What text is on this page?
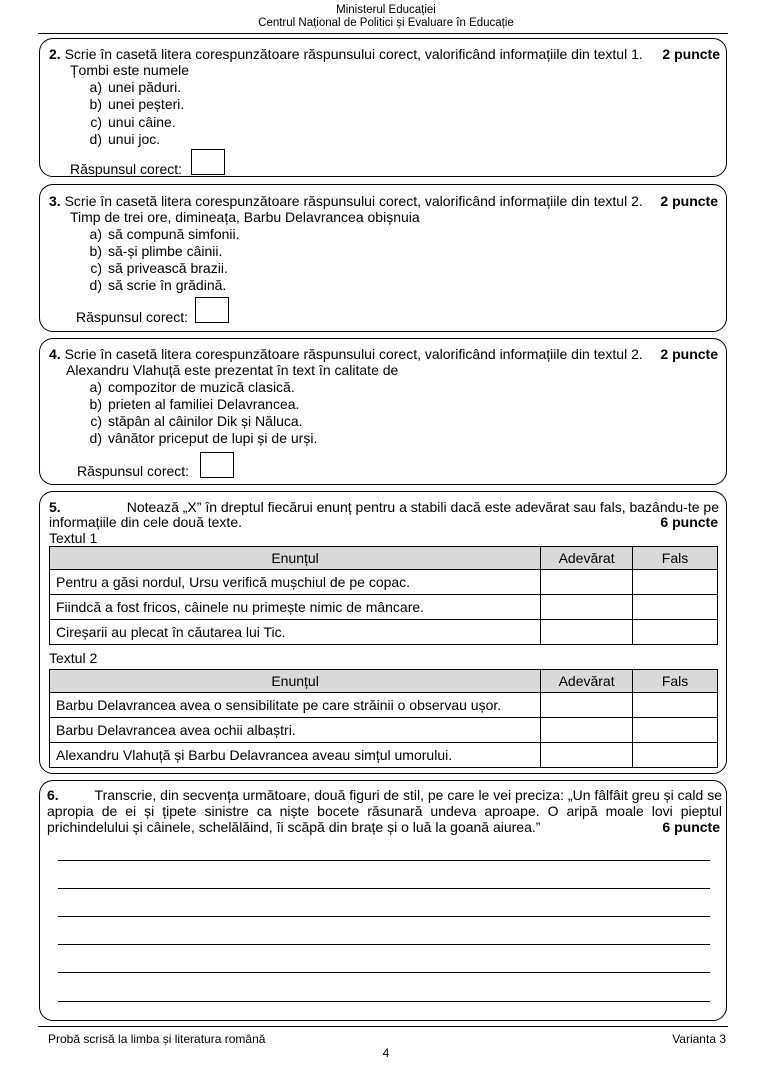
Ministerul Educației
Centrul Național de Politici și Evaluare în Educație
2. Scrie în casetă litera corespunzătoare răspunsului corect, valorificând informațiile din textul 1. 2 puncte
Țombi este numele
a) unei păduri.
b) unei peșteri.
c) unui câine.
d) unui joc.
Răspunsul corect:
3. Scrie în casetă litera corespunzătoare răspunsului corect, valorificând informațiile din textul 2. 2 puncte
Timp de trei ore, dimineața, Barbu Delavrancea obișnuia
a) să compună simfonii.
b) să-și plimbe câinii.
c) să privească brazii.
d) să scrie în grădină.
Răspunsul corect:
4. Scrie în casetă litera corespunzătoare răspunsului corect, valorificând informațiile din textul 2. 2 puncte
Alexandru Vlahuță este prezentat în text în calitate de
a) compozitor de muzică clasică.
b) prieten al familiei Delavrancea.
c) stăpân al câinilor Dik și Năluca.
d) vânător priceput de lupi și de urși.
Răspunsul corect:
5.	Notează „X” în dreptul fiecărui enunț pentru a stabili dacă este adevărat sau fals, bazându-te pe
informațiile din cele două texte.	6 puncte
Textul 1
Enunțul	Adevărat	Fals
Pentru a găsi nordul, Ursu verifică mușchiul de pe copac.		
Fiindcă a fost fricos, câinele nu primește nimic de mâncare.		
Cireșarii au plecat în căutarea lui Tic.		
Textul 2
Enunțul	Adevărat	Fals
Barbu Delavrancea avea o sensibilitate pe care străinii o observau ușor.		
Barbu Delavrancea avea ochii albaștri.		
Alexandru Vlahuță și Barbu Delavrancea aveau simțul umorului.		
6.	Transcrie, din secvența următoare, două figuri de stil, pe care le vei preciza: „Un fâlfâit greu și cald se
apropia de ei și țipete sinistre ca niște bocete răsunară undeva aproape. O aripă moale lovi pieptul
prichindelului și câinele, schelălăind, îi scăpă din brațe și o luă la goană aiurea.”	6 puncte
Probă scrisă la limba și literatura română	Varianta 3
4
